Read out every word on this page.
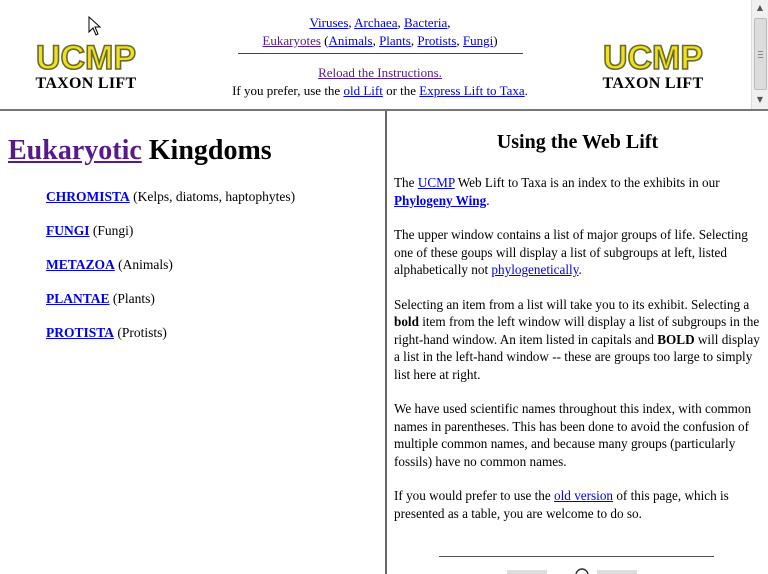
UCMP
TAXON LIFT
Viruses, Archaea, Bacteria,
Eukaryotes (Animals, Plants, Protists, Fungi)
Reload the Instructions.
If you prefer, use the old Lift or the Express Lift to Taxa.
UCMP
TAXON LIFT
▲
▼
Eukaryotic Kingdoms
CHROMISTA (Kelps, diatoms, haptophytes)
FUNGI (Fungi)
METAZOA (Animals)
PLANTAE (Plants)
PROTISTA (Protists)
Using the Web Lift

The UCMP Web Lift to Taxa is an index to the exhibits in our Phylogeny Wing.

The upper window contains a list of major groups of life. Selecting one of these goups will display a list of subgroups at left, listed alphabetically not phylogenetically.

Selecting an item from a list will take you to its exhibit. Selecting a bold item from the left window will display a list of subgroups in the right-hand window. An item listed in capitals and BOLD will display a list in the left-hand window -- these are groups too large to simply list here at right.

We have used scientific names throughout this index, with common names in parentheses. This has been done to avoid the confusion of multiple common names, and because many groups (particularly fossils) have no common names.

If you would prefer to use the old version of this page, which is presented as a table, you are welcome to do so.
